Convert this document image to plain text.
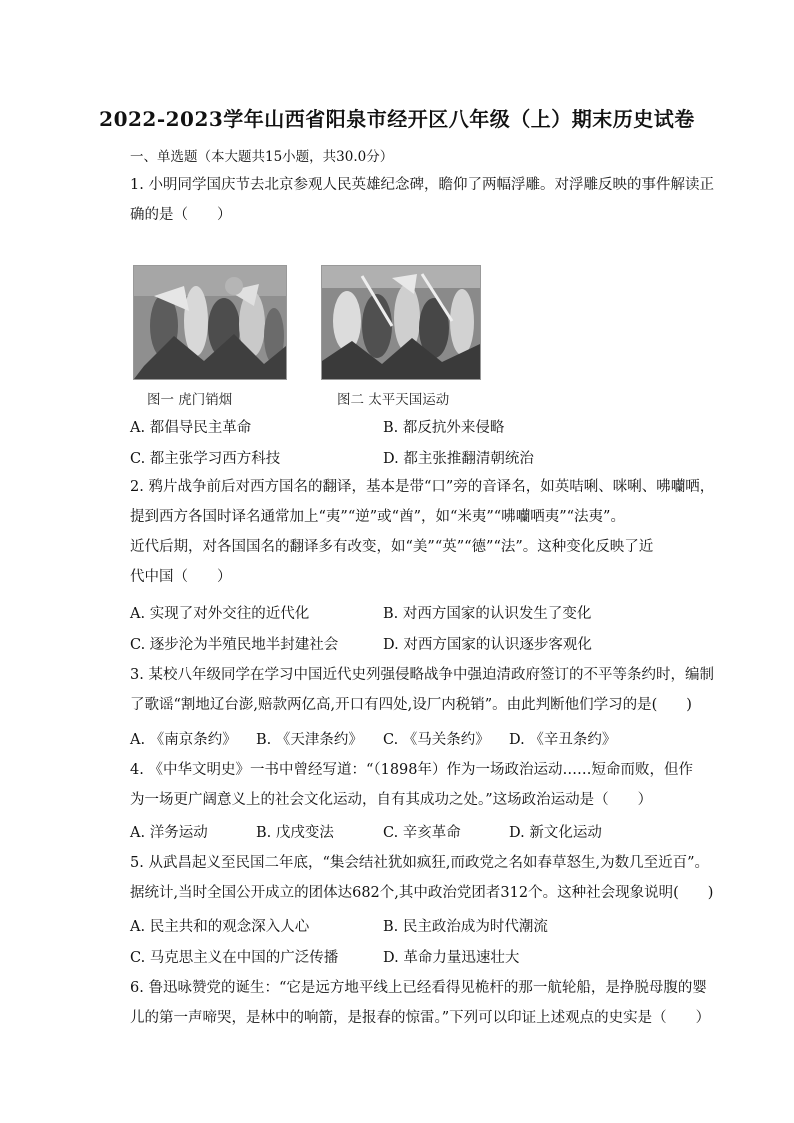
2022-2023学年山西省阳泉市经开区八年级（上）期末历史试卷
一、单选题（本大题共15小题，共30.0分）
1. 小明同学国庆节去北京参观人民英雄纪念碑，瞻仰了两幅浮雕。对浮雕反映的事件解读正
确的是（　　）
图一 虎门销烟	图二 太平天国运动
A. 都倡导民主革命	B. 都反抗外来侵略
C. 都主张学习西方科技	D. 都主张推翻清朝统治
2. 鸦片战争前后对西方国名的翻译，基本是带“口”旁的音译名，如英咭唎、咪唎、咈囒哂，
提到西方各国时译名通常加上“夷”“逆”或“酋”，如“米夷”“咈囒哂夷”“法夷”。
近代后期，对各国国名的翻译多有改变，如“美”“英”“德”“法”。这种变化反映了近
代中国（　　）
A. 实现了对外交往的近代化	B. 对西方国家的认识发生了变化
C. 逐步沦为半殖民地半封建社会	D. 对西方国家的认识逐步客观化
3. 某校八年级同学在学习中国近代史列强侵略战争中强迫清政府签订的不平等条约时，编制
了歌谣“割地辽台澎,赔款两亿高,开口有四处,设厂内税销”。由此判断他们学习的是(　　)
A. 《南京条约》 B. 《天津条约》 C. 《马关条约》 D. 《辛丑条约》
4. 《中华文明史》一书中曾经写道：“（1898年）作为一场政治运动……短命而败，但作
为一场更广阔意义上的社会文化运动，自有其成功之处。”这场政治运动是（　　）
A. 洋务运动	B. 戊戌变法	C. 辛亥革命	D. 新文化运动
5. 从武昌起义至民国二年底，“集会结社犹如疯狂,而政党之名如春草怒生,为数几至近百”。
据统计,当时全国公开成立的团体达682个,其中政治党团者312个。这种社会现象说明(　　)
A. 民主共和的观念深入人心	B. 民主政治成为时代潮流
C. 马克思主义在中国的广泛传播	D. 革命力量迅速壮大
6. 鲁迅咏赞党的诞生：“它是远方地平线上已经看得见桅杆的那一航轮船，是挣脱母腹的婴
儿的第一声啼哭，是林中的响箭，是报春的惊雷。”下列可以印证上述观点的史实是（　　）
